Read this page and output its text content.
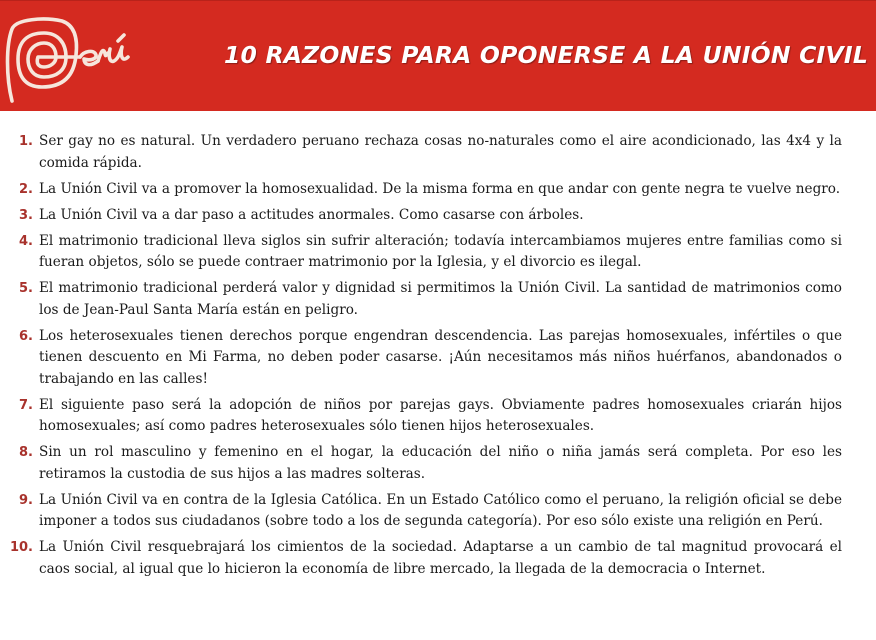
10 RAZONES PARA OPONERSE A LA UNIÓN CIVIL
1. Ser gay no es natural. Un verdadero peruano rechaza cosas no-naturales como el aire acondicionado, las 4x4 y la comida rápida.
2. La Unión Civil va a promover la homosexualidad. De la misma forma en que andar con gente negra te vuelve negro.
3. La Unión Civil va a dar paso a actitudes anormales. Como casarse con árboles.
4. El matrimonio tradicional lleva siglos sin sufrir alteración; todavía intercambiamos mujeres entre familias como si fueran objetos, sólo se puede contraer matrimonio por la Iglesia, y el divorcio es ilegal.
5. El matrimonio tradicional perderá valor y dignidad si permitimos la Unión Civil. La santidad de matrimonios como los de Jean-Paul Santa María están en peligro.
6. Los heterosexuales tienen derechos porque engendran descendencia. Las parejas homosexuales, infértiles o que tienen descuento en Mi Farma, no deben poder casarse. ¡Aún necesitamos más niños huérfanos, abandonados o trabajando en las calles!
7. El siguiente paso será la adopción de niños por parejas gays. Obviamente padres homosexuales criarán hijos homosexuales; así como padres heterosexuales sólo tienen hijos heterosexuales.
8. Sin un rol masculino y femenino en el hogar, la educación del niño o niña jamás será completa. Por eso les retiramos la custodia de sus hijos a las madres solteras.
9. La Unión Civil va en contra de la Iglesia Católica. En un Estado Católico como el peruano, la religión oficial se debe imponer a todos sus ciudadanos (sobre todo a los de segunda categoría). Por eso sólo existe una religión en Perú.
10. La Unión Civil resquebrajará los cimientos de la sociedad. Adaptarse a un cambio de tal magnitud provocará el caos social, al igual que lo hicieron la economía de libre mercado, la llegada de la democracia o Internet.
